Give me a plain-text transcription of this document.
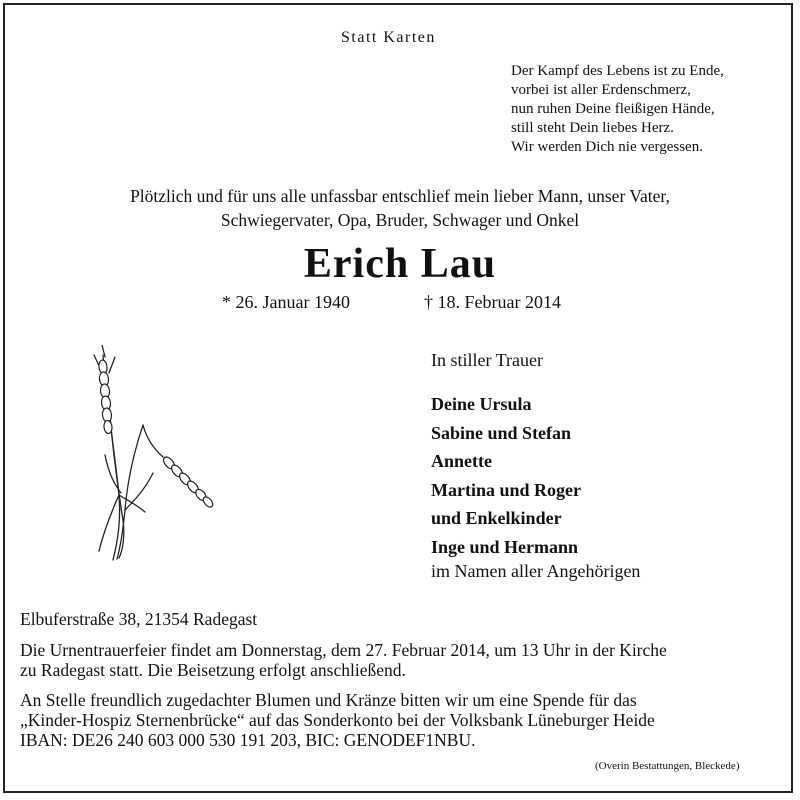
Statt Karten
Der Kampf des Lebens ist zu Ende,
vorbei ist aller Erdenschmerz,
nun ruhen Deine fleißigen Hände,
still steht Dein liebes Herz.
Wir werden Dich nie vergessen.
Plötzlich und für uns alle unfassbar entschlief mein lieber Mann, unser Vater,
Schwiegervater, Opa, Bruder, Schwager und Onkel
Erich Lau
* 26. Januar 1940	† 18. Februar 2014
In stiller Trauer
Deine Ursula
Sabine und Stefan
Annette
Martina und Roger
und Enkelkinder
Inge und Hermann
im Namen aller Angehörigen
Elbuferstraße 38, 21354 Radegast
Die Urnentrauerfeier findet am Donnerstag, dem 27. Februar 2014, um 13 Uhr in der Kirche
zu Radegast statt. Die Beisetzung erfolgt anschließend.
An Stelle freundlich zugedachter Blumen und Kränze bitten wir um eine Spende für das
„Kinder-Hospiz Sternenbrücke“ auf das Sonderkonto bei der Volksbank Lüneburger Heide
IBAN: DE26 240 603 000 530 191 203, BIC: GENODEF1NBU.
(Overin Bestattungen, Bleckede)
